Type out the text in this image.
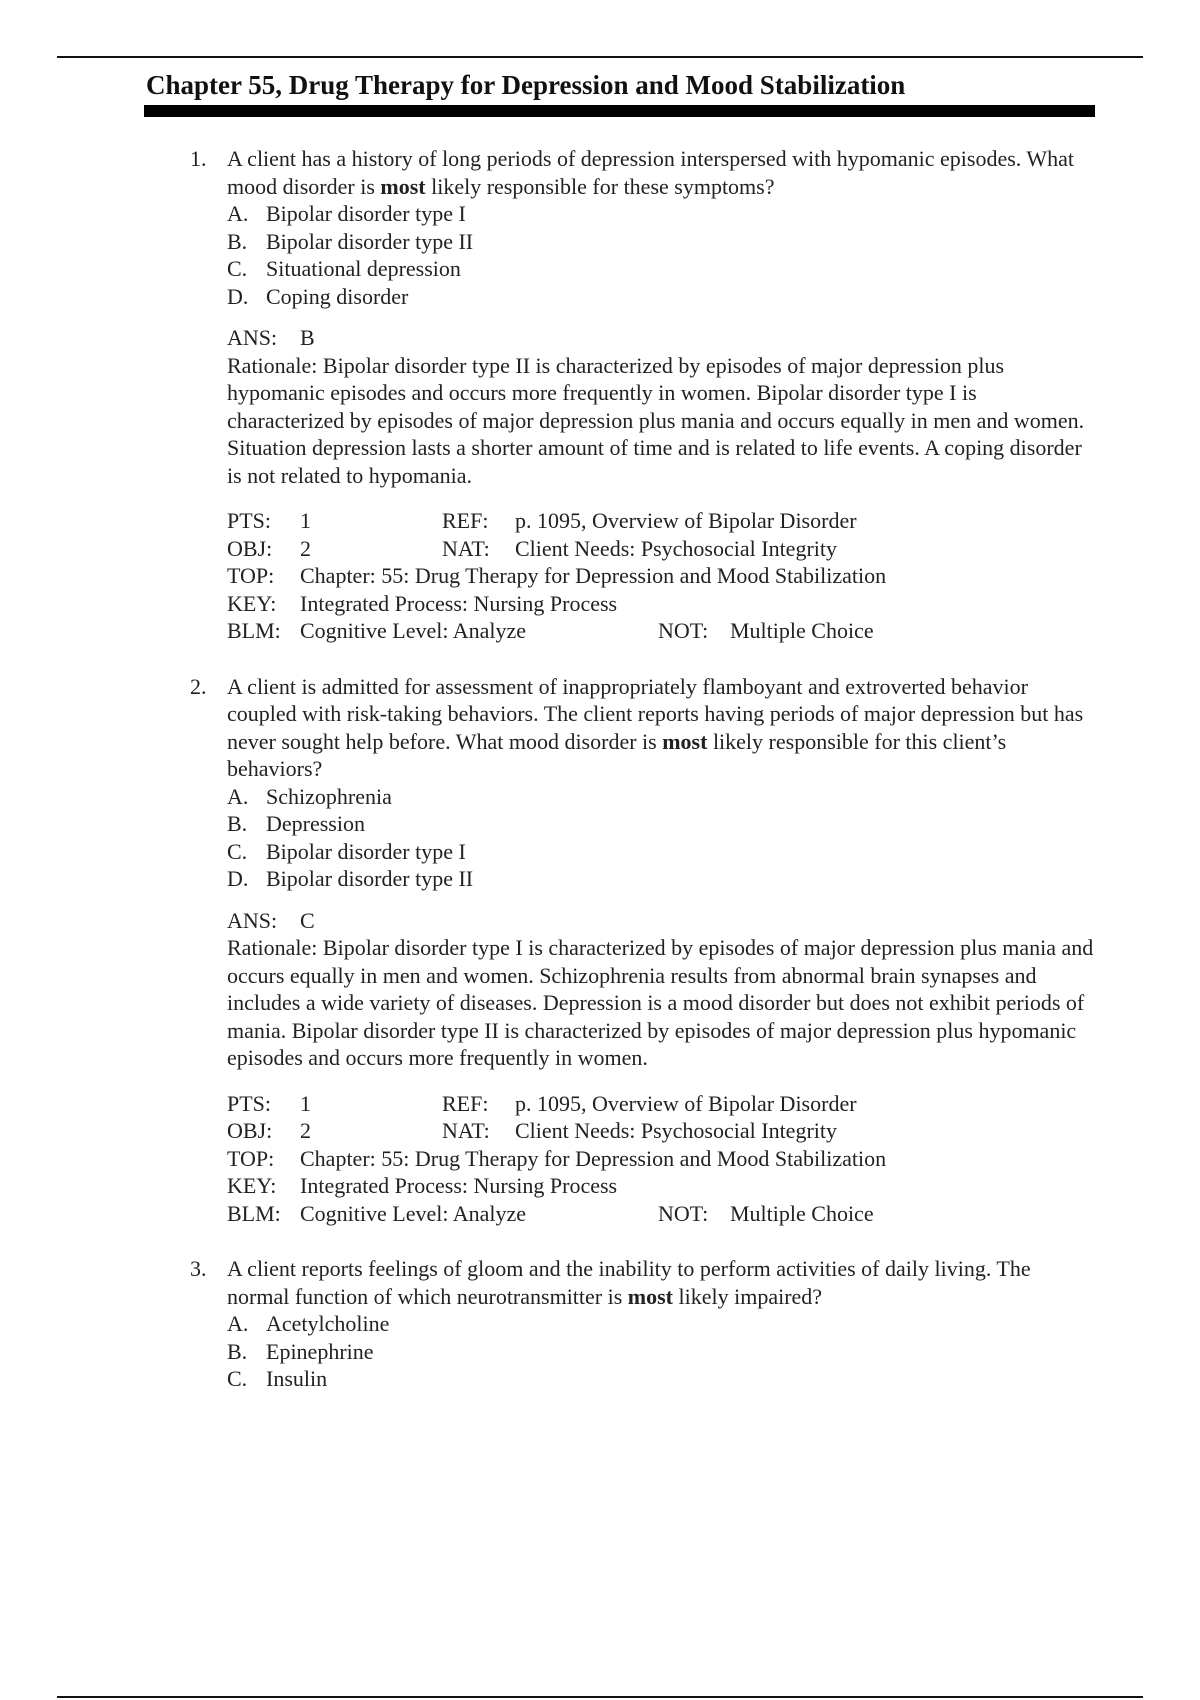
Chapter 55, Drug Therapy for Depression and Mood Stabilization
1. A client has a history of long periods of depression interspersed with hypomanic episodes. What mood disorder is most likely responsible for these symptoms?
A. Bipolar disorder type I
B. Bipolar disorder type II
C. Situational depression
D. Coping disorder
ANS: B
Rationale: Bipolar disorder type II is characterized by episodes of major depression plus hypomanic episodes and occurs more frequently in women. Bipolar disorder type I is characterized by episodes of major depression plus mania and occurs equally in men and women. Situation depression lasts a shorter amount of time and is related to life events. A coping disorder is not related to hypomania.
PTS: 1	REF: p. 1095, Overview of Bipolar Disorder
OBJ: 2	NAT: Client Needs: Psychosocial Integrity
TOP: Chapter: 55: Drug Therapy for Depression and Mood Stabilization
KEY: Integrated Process: Nursing Process
BLM: Cognitive Level: Analyze	NOT: Multiple Choice
2. A client is admitted for assessment of inappropriately flamboyant and extroverted behavior coupled with risk-taking behaviors. The client reports having periods of major depression but has never sought help before. What mood disorder is most likely responsible for this client’s behaviors?
A. Schizophrenia
B. Depression
C. Bipolar disorder type I
D. Bipolar disorder type II
ANS: C
Rationale: Bipolar disorder type I is characterized by episodes of major depression plus mania and occurs equally in men and women. Schizophrenia results from abnormal brain synapses and includes a wide variety of diseases. Depression is a mood disorder but does not exhibit periods of mania. Bipolar disorder type II is characterized by episodes of major depression plus hypomanic episodes and occurs more frequently in women.
PTS: 1	REF: p. 1095, Overview of Bipolar Disorder
OBJ: 2	NAT: Client Needs: Psychosocial Integrity
TOP: Chapter: 55: Drug Therapy for Depression and Mood Stabilization
KEY: Integrated Process: Nursing Process
BLM: Cognitive Level: Analyze	NOT: Multiple Choice
3. A client reports feelings of gloom and the inability to perform activities of daily living. The normal function of which neurotransmitter is most likely impaired?
A. Acetylcholine
B. Epinephrine
C. Insulin
